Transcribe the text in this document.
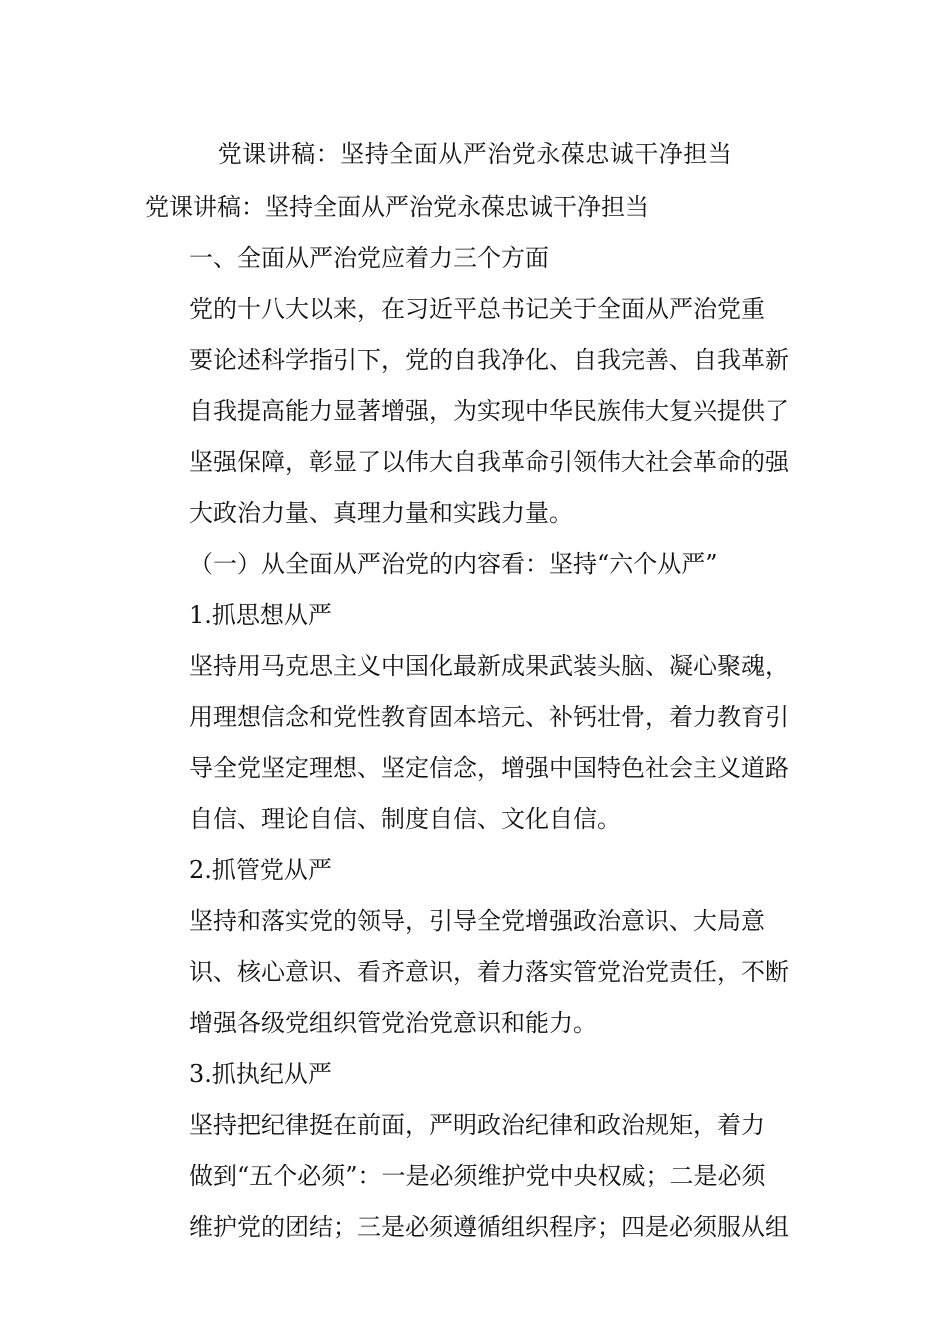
党课讲稿：坚持全面从严治党永葆忠诚干净担当

党课讲稿：坚持全面从严治党永葆忠诚干净担当

一、全面从严治党应着力三个方面

党的十八大以来，在习近平总书记关于全面从严治党重
要论述科学指引下，党的自我净化、自我完善、自我革新
自我提高能力显著增强，为实现中华民族伟大复兴提供了
坚强保障，彰显了以伟大自我革命引领伟大社会革命的强
大政治力量、真理力量和实践力量。

（一）从全面从严治党的内容看：坚持“六个从严”

1.抓思想从严

坚持用马克思主义中国化最新成果武装头脑、凝心聚魂，
用理想信念和党性教育固本培元、补钙壮骨，着力教育引
导全党坚定理想、坚定信念，增强中国特色社会主义道路
自信、理论自信、制度自信、文化自信。

2.抓管党从严

坚持和落实党的领导，引导全党增强政治意识、大局意
识、核心意识、看齐意识，着力落实管党治党责任，不断
增强各级党组织管党治党意识和能力。

3.抓执纪从严

坚持把纪律挺在前面，严明政治纪律和政治规矩，着力
做到“五个必须”：一是必须维护党中央权威；二是必须
维护党的团结；三是必须遵循组织程序；四是必须服从组
